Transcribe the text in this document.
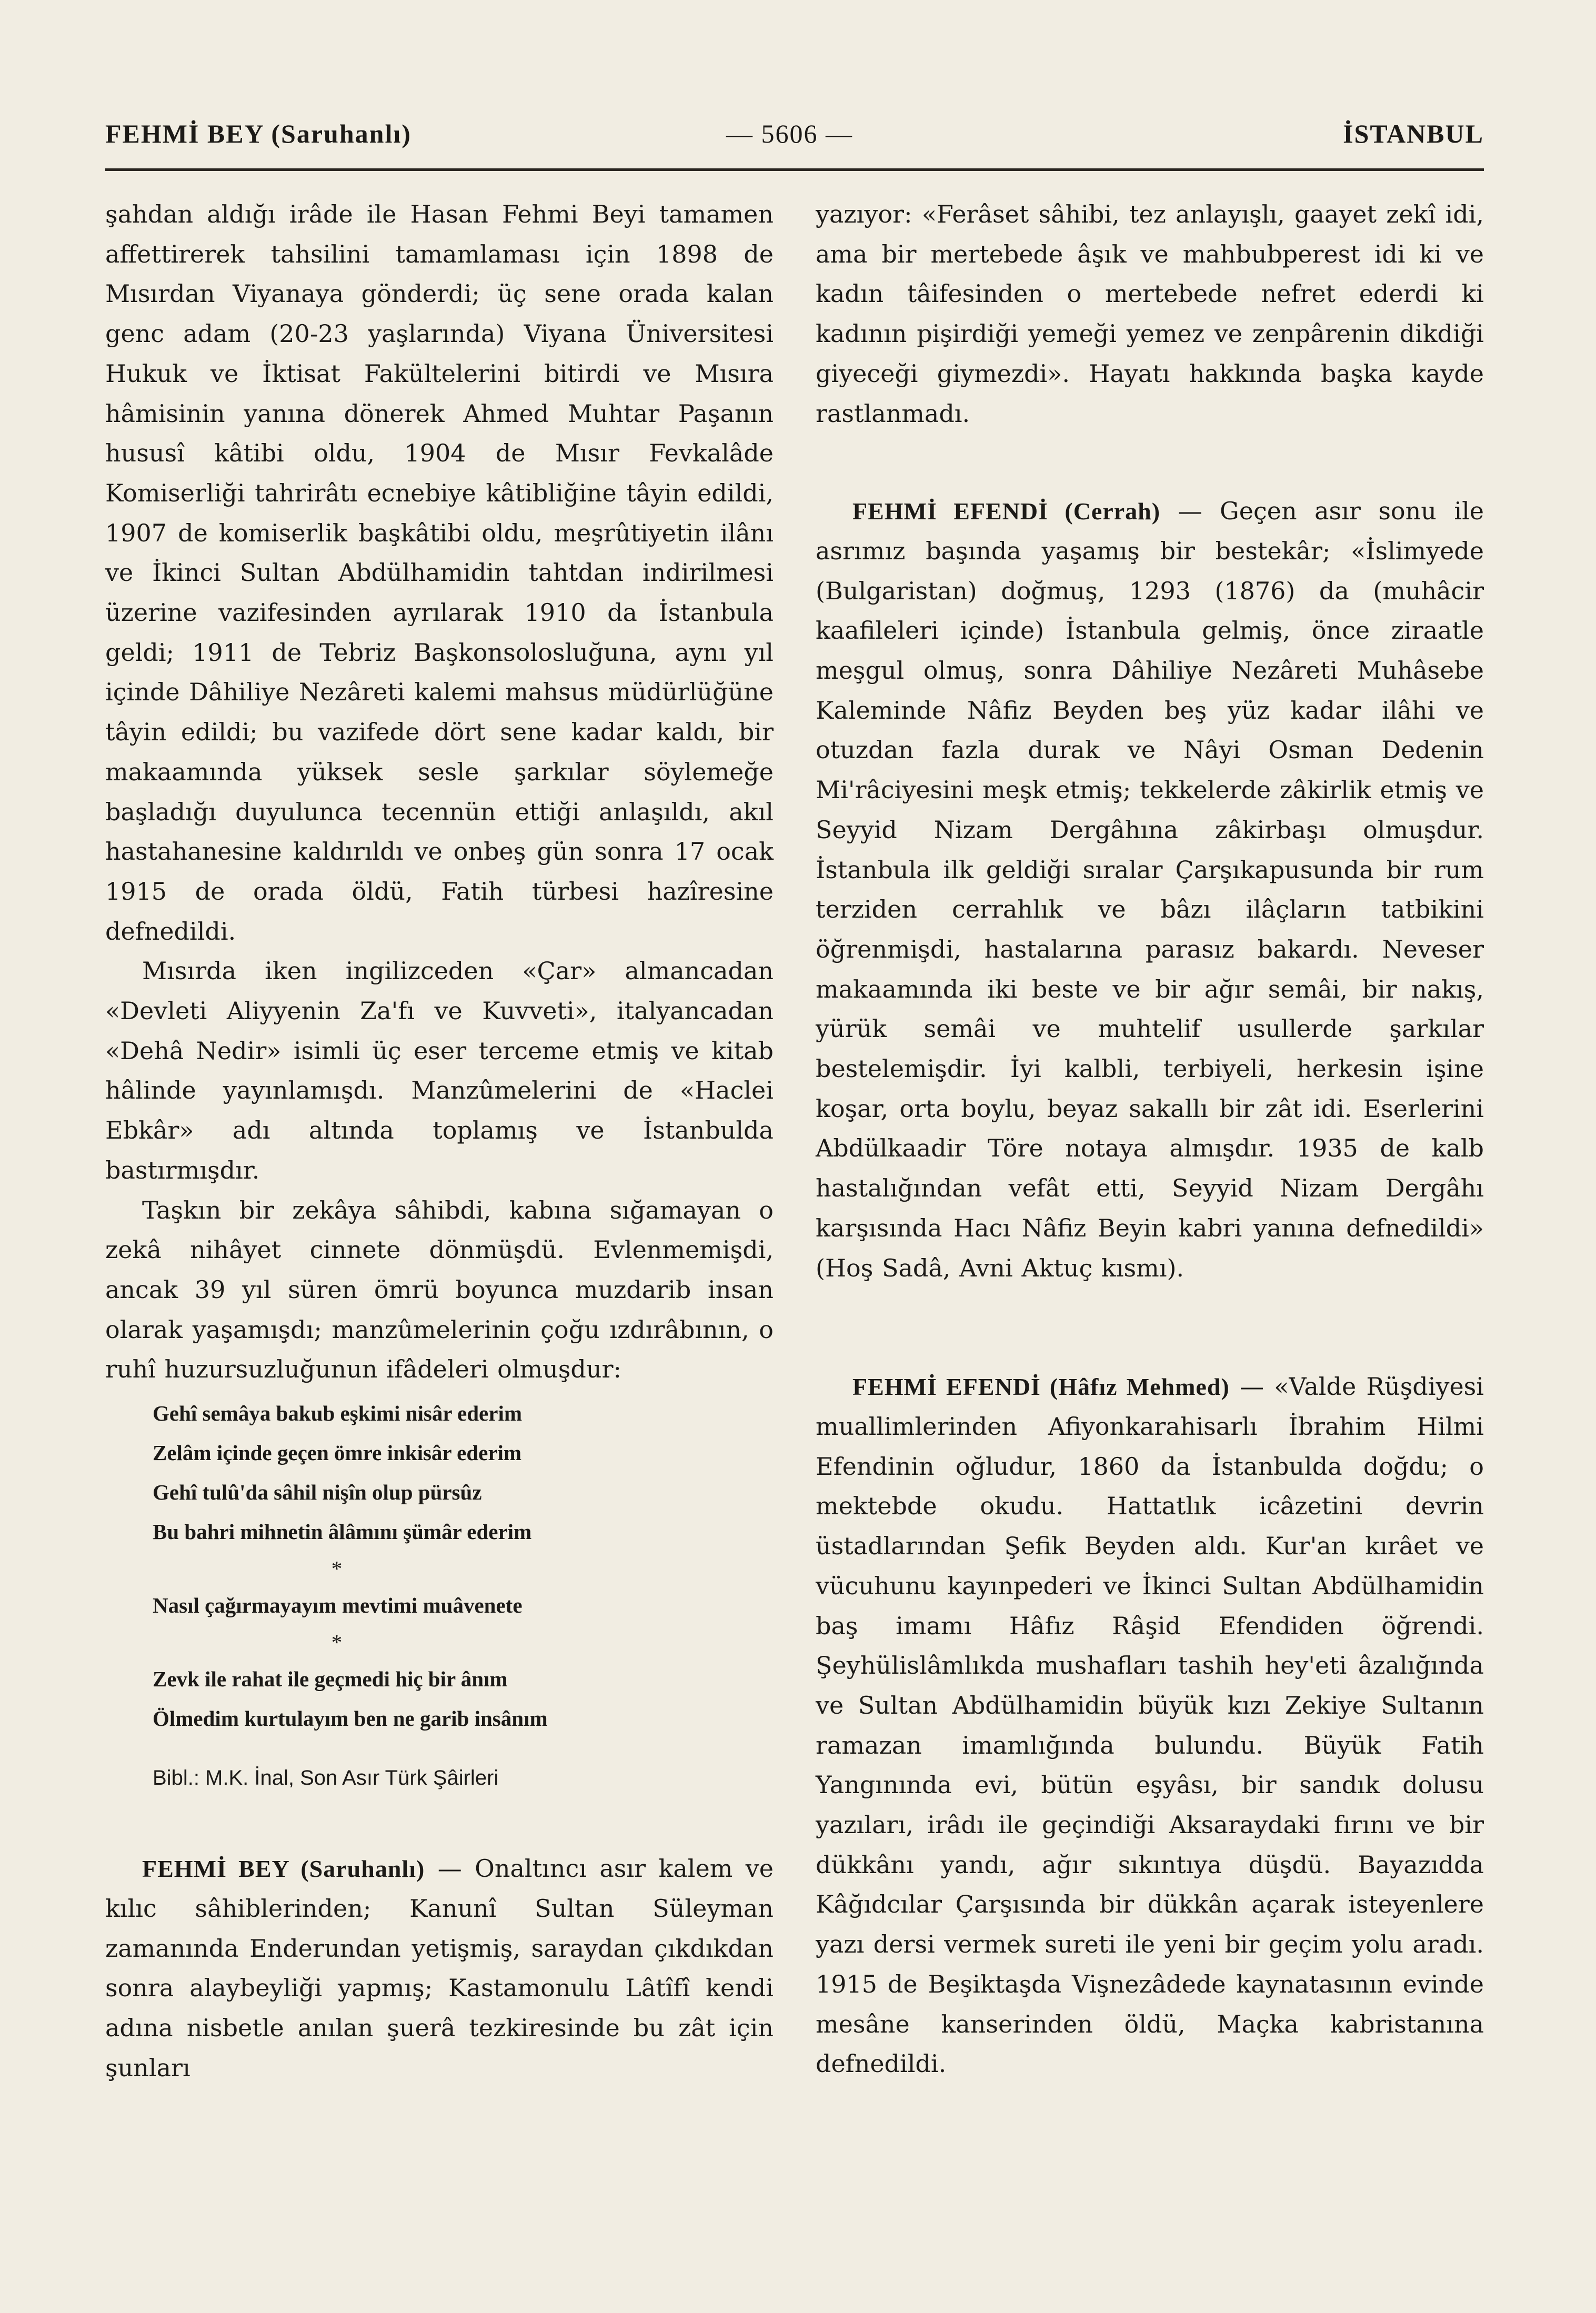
FEHMİ BEY (Saruhanlı)	— 5606 —	İSTANBUL

şahdan aldığı irâde ile Hasan Fehmi Beyi tamamen affettirerek tahsilini tamamlaması için 1898 de Mısırdan Viyanaya gönderdi; üç sene orada kalan genc adam (20-23 yaşlarında) Viyana Üniversitesi Hukuk ve İktisat Fakültelerini bitirdi ve Mısıra hâmisinin yanına dönerek Ahmed Muhtar Paşanın hususî kâtibi oldu, 1904 de Mısır Fevkalâde Komiserliği tahrirâtı ecnebiye kâtibliğine tâyin edildi, 1907 de komiserlik başkâtibi oldu, meşrûtiyetin ilânı ve İkinci Sultan Abdülhamidin tahtdan indirilmesi üzerine vazifesinden ayrılarak 1910 da İstanbula geldi; 1911 de Tebriz Başkonsolosluğuna, aynı yıl içinde Dâhiliye Nezâreti kalemi mahsus müdürlüğüne tâyin edildi; bu vazifede dört sene kadar kaldı, bir makaamında yüksek sesle şarkılar söylemeğe başladığı duyulunca tecennün ettiği anlaşıldı, akıl hastahanesine kaldırıldı ve onbeş gün sonra 17 ocak 1915 de orada öldü, Fatih türbesi hazîresine defnedildi.

Mısırda iken ingilizceden «Çar» almancadan «Devleti Aliyyenin Za'fı ve Kuvveti», italyancadan «Dehâ Nedir» isimli üç eser terceme etmiş ve kitab hâlinde yayınlamışdı. Manzûmelerini de «Haclei Ebkâr» adı altında toplamış ve İstanbulda bastırmışdır.

Taşkın bir zekâya sâhibdi, kabına sığamayan o zekâ nihâyet cinnete dönmüşdü. Evlenmemişdi, ancak 39 yıl süren ömrü boyunca muzdarib insan olarak yaşamışdı; manzûmelerinin çoğu ızdırâbının, o ruhî huzursuzluğunun ifâdeleri olmuşdur:

Gehî semâya bakub eşkimi nisâr ederim
Zelâm içinde geçen ömre inkisâr ederim
Gehî tulû'da sâhil nişîn olup pürsûz
Bu bahri mihnetin âlâmını şümâr ederim
*
Nasıl çağırmayayım mevtimi muâvenete
*
Zevk ile rahat ile geçmedi hiç bir ânım
Ölmedim kurtulayım ben ne garib insânım
Bibl.: M.K. İnal, Son Asır Türk Şâirleri

FEHMİ BEY (Saruhanlı) — Onaltıncı asır kalem ve kılıc sâhiblerinden; Kanunî Sultan Süleyman zamanında Enderundan yetişmiş, saraydan çıkdıkdan sonra alaybeyliği yapmış; Kastamonulu Lâtîfî kendi adına nisbetle anılan şuerâ tezkiresinde bu zât için şunları

yazıyor: «Ferâset sâhibi, tez anlayışlı, gaayet zekî idi, ama bir mertebede âşık ve mahbubperest idi ki ve kadın tâifesinden o mertebede nefret ederdi ki kadının pişirdiği yemeği yemez ve zenpârenin dikdiği giyeceği giymezdi». Hayatı hakkında başka kayde rastlanmadı.

FEHMİ EFENDİ (Cerrah) — Geçen asır sonu ile asrımız başında yaşamış bir bestekâr; «İslimyede (Bulgaristan) doğmuş, 1293 (1876) da (muhâcir kaafileleri içinde) İstanbula gelmiş, önce ziraatle meşgul olmuş, sonra Dâhiliye Nezâreti Muhâsebe Kaleminde Nâfiz Beyden beş yüz kadar ilâhi ve otuzdan fazla durak ve Nâyi Osman Dedenin Mi'râciyesini meşk etmiş; tekkelerde zâkirlik etmiş ve Seyyid Nizam Dergâhına zâkirbaşı olmuşdur. İstanbula ilk geldiği sıralar Çarşıkapusunda bir rum terziden cerrahlık ve bâzı ilâçların tatbikini öğrenmişdi, hastalarına parasız bakardı. Neveser makaamında iki beste ve bir ağır semâi, bir nakış, yürük semâi ve muhtelif usullerde şarkılar bestelemişdir. İyi kalbli, terbiyeli, herkesin işine koşar, orta boylu, beyaz sakallı bir zât idi. Eserlerini Abdülkaadir Töre notaya almışdır. 1935 de kalb hastalığından vefât etti, Seyyid Nizam Dergâhı karşısında Hacı Nâfiz Beyin kabri yanına defnedildi» (Hoş Sadâ, Avni Aktuç kısmı).

FEHMİ EFENDİ (Hâfız Mehmed) — «Valde Rüşdiyesi muallimlerinden Afiyonkarahisarlı İbrahim Hilmi Efendinin oğludur, 1860 da İstanbulda doğdu; o mektebde okudu. Hattatlık icâzetini devrin üstadlarından Şefik Beyden aldı. Kur'an kırâet ve vücuhunu kayınpederi ve İkinci Sultan Abdülhamidin baş imamı Hâfız Râşid Efendiden öğrendi. Şeyhülislâmlıkda mushafları tashih hey'eti âzalığında ve Sultan Abdülhamidin büyük kızı Zekiye Sultanın ramazan imamlığında bulundu. Büyük Fatih Yangınında evi, bütün eşyâsı, bir sandık dolusu yazıları, irâdı ile geçindiği Aksaraydaki fırını ve bir dükkânı yandı, ağır sıkıntıya düşdü. Bayazıdda Kâğıdcılar Çarşısında bir dükkân açarak isteyenlere yazı dersi vermek sureti ile yeni bir geçim yolu aradı. 1915 de Beşiktaşda Vişnezâdede kaynatasının evinde mesâne kanserinden öldü, Maçka kabristanına defnedildi.
